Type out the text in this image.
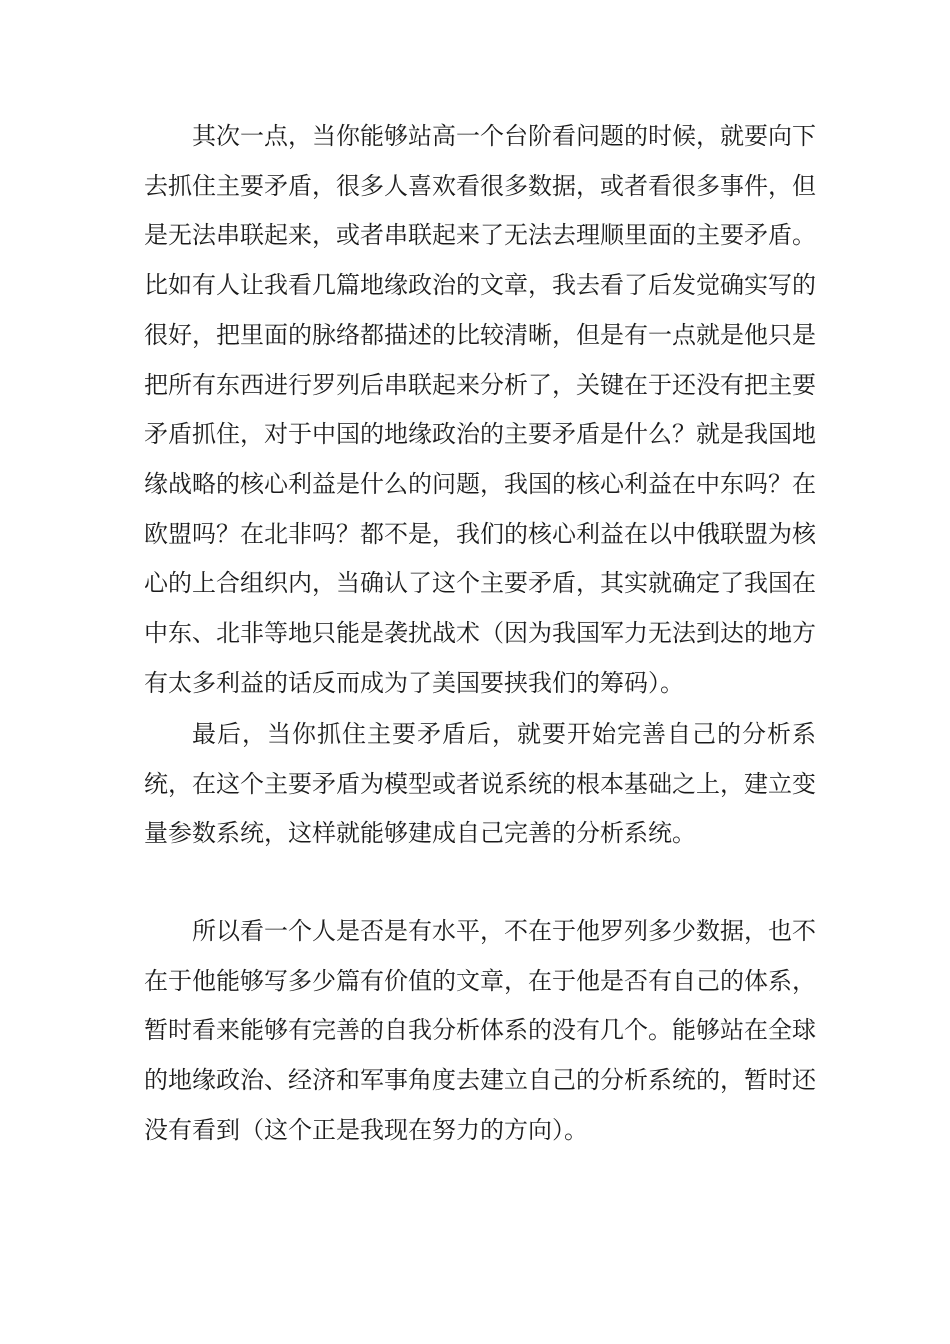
其次一点，当你能够站高一个台阶看问题的时候，就要向下去抓住主要矛盾，很多人喜欢看很多数据，或者看很多事件，但是无法串联起来，或者串联起来了无法去理顺里面的主要矛盾。比如有人让我看几篇地缘政治的文章，我去看了后发觉确实写的很好，把里面的脉络都描述的比较清晰，但是有一点就是他只是把所有东西进行罗列后串联起来分析了，关键在于还没有把主要矛盾抓住，对于中国的地缘政治的主要矛盾是什么？就是我国地缘战略的核心利益是什么的问题，我国的核心利益在中东吗？在欧盟吗？在北非吗？都不是，我们的核心利益在以中俄联盟为核心的上合组织内，当确认了这个主要矛盾，其实就确定了我国在中东、北非等地只能是袭扰战术（因为我国军力无法到达的地方有太多利益的话反而成为了美国要挟我们的筹码）。

最后，当你抓住主要矛盾后，就要开始完善自己的分析系统，在这个主要矛盾为模型或者说系统的根本基础之上，建立变量参数系统，这样就能够建成自己完善的分析系统。

所以看一个人是否是有水平，不在于他罗列多少数据，也不在于他能够写多少篇有价值的文章，在于他是否有自己的体系，暂时看来能够有完善的自我分析体系的没有几个。能够站在全球的地缘政治、经济和军事角度去建立自己的分析系统的，暂时还没有看到（这个正是我现在努力的方向）。
